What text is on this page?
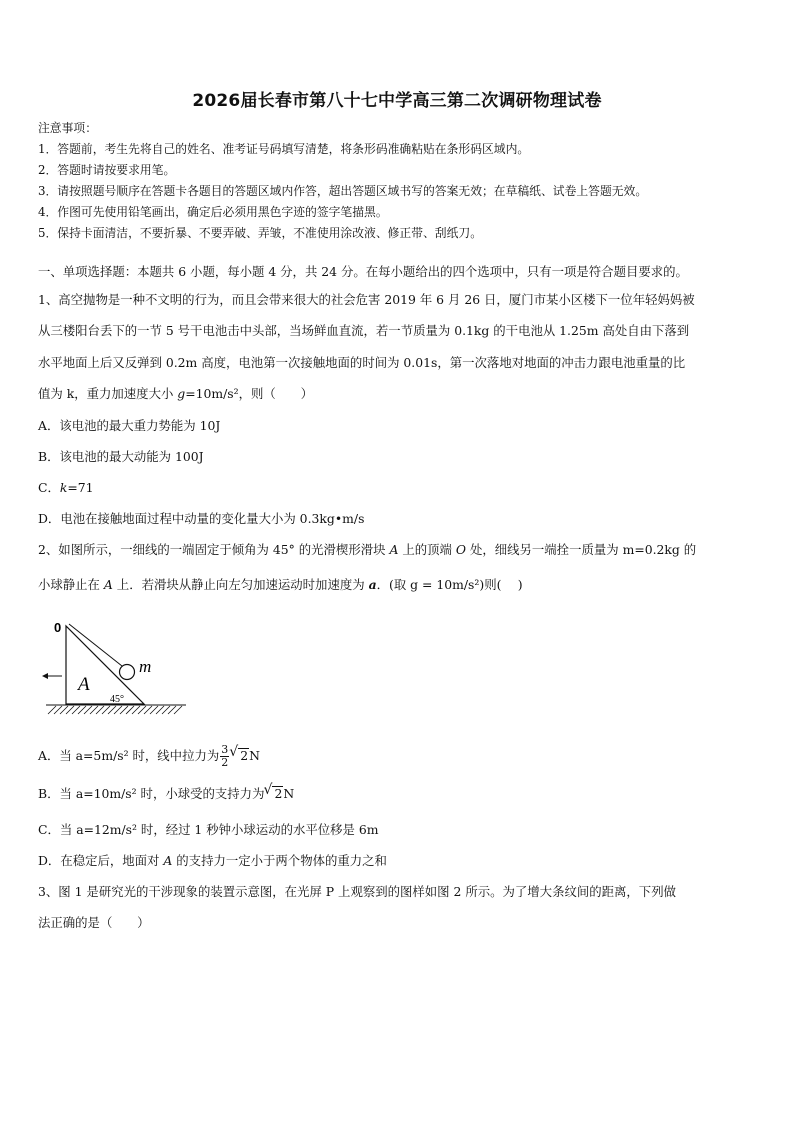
2026届长春市第八十七中学高三第二次调研物理试卷
注意事项：
1．答题前，考生先将自己的姓名、准考证号码填写清楚，将条形码准确粘贴在条形码区域内。
2．答题时请按要求用笔。
3．请按照题号顺序在答题卡各题目的答题区域内作答，超出答题区域书写的答案无效；在草稿纸、试卷上答题无效。
4．作图可先使用铅笔画出，确定后必须用黑色字迹的签字笔描黑。
5．保持卡面清洁，不要折暴、不要弄破、弄皱，不准使用涂改液、修正带、刮纸刀。
一、单项选择题：本题共 6 小题，每小题 4 分，共 24 分。在每小题给出的四个选项中，只有一项是符合题目要求的。
1、高空抛物是一种不文明的行为，而且会带来很大的社会危害 2019 年 6 月 26 日，厦门市某小区楼下一位年轻妈妈被
从三楼阳台丢下的一节 5 号干电池击中头部，当场鲜血直流，若一节质量为 0.1kg 的干电池从 1.25m 高处自由下落到
水平地面上后又反弹到 0.2m 高度，电池第一次接触地面的时间为 0.01s，第一次落地对地面的冲击力跟电池重量的比
值为 k，重力加速度大小 g=10m/s²，则（　　）
A．该电池的最大重力势能为 10J
B．该电池的最大动能为 100J
C．k=71
D．电池在接触地面过程中动量的变化量大小为 0.3kg•m/s
2、如图所示，一细线的一端固定于倾角为 45° 的光滑楔形滑块 A 上的顶端 O 处，细线另一端拴一质量为 m=0.2kg 的
小球静止在 A 上．若滑块从静止向左匀加速运动时加速度为 a．(取 g = 10m/s²)则(　 )
0
m
A
45°
A．当 a=5m/s² 时，线中拉力为 $\frac{3}{2}$ √ 2N
B．当 a=10m/s² 时，小球受的支持力为 √ 2N
C．当 a=12m/s² 时，经过 1 秒钟小球运动的水平位移是 6m
D．在稳定后，地面对 A 的支持力一定小于两个物体的重力之和
3、图 1 是研究光的干涉现象的装置示意图，在光屏 P 上观察到的图样如图 2 所示。为了增大条纹间的距离，下列做
法正确的是（　　）
